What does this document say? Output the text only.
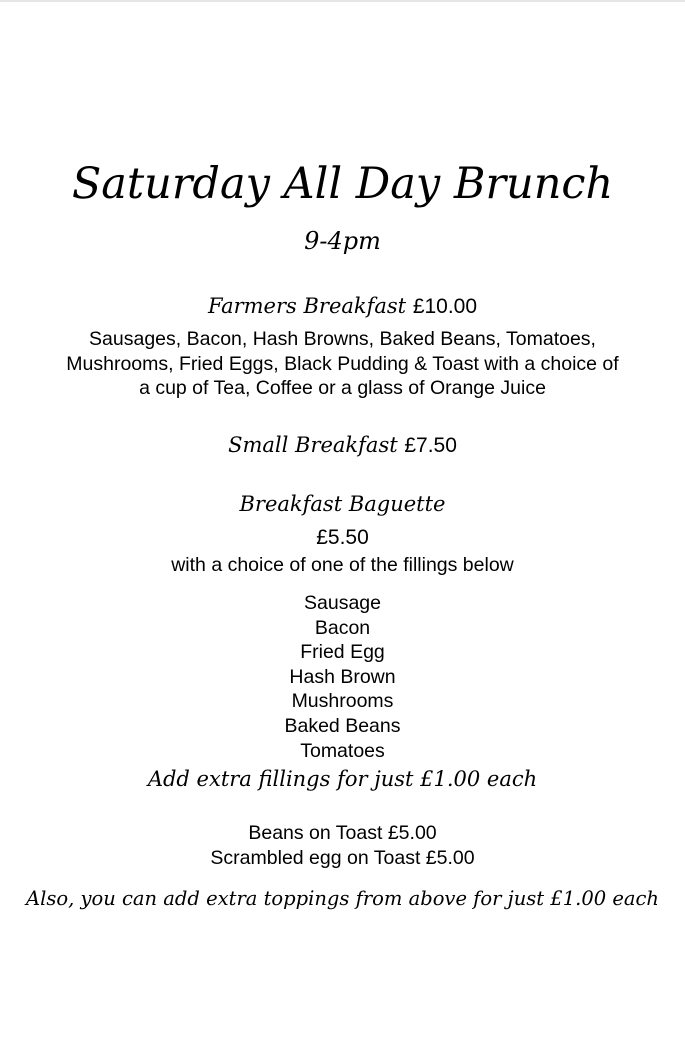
Saturday All Day Brunch
9-4pm
Farmers Breakfast £10.00
Sausages, Bacon, Hash Browns, Baked Beans, Tomatoes,
Mushrooms, Fried Eggs, Black Pudding & Toast with a choice of
a cup of Tea, Coffee or a glass of Orange Juice
Small Breakfast £7.50
Breakfast Baguette
£5.50
with a choice of one of the fillings below
Sausage
Bacon
Fried Egg
Hash Brown
Mushrooms
Baked Beans
Tomatoes
Add extra fillings for just £1.00 each
Beans on Toast £5.00
Scrambled egg on Toast £5.00
Also, you can add extra toppings from above for just £1.00 each
